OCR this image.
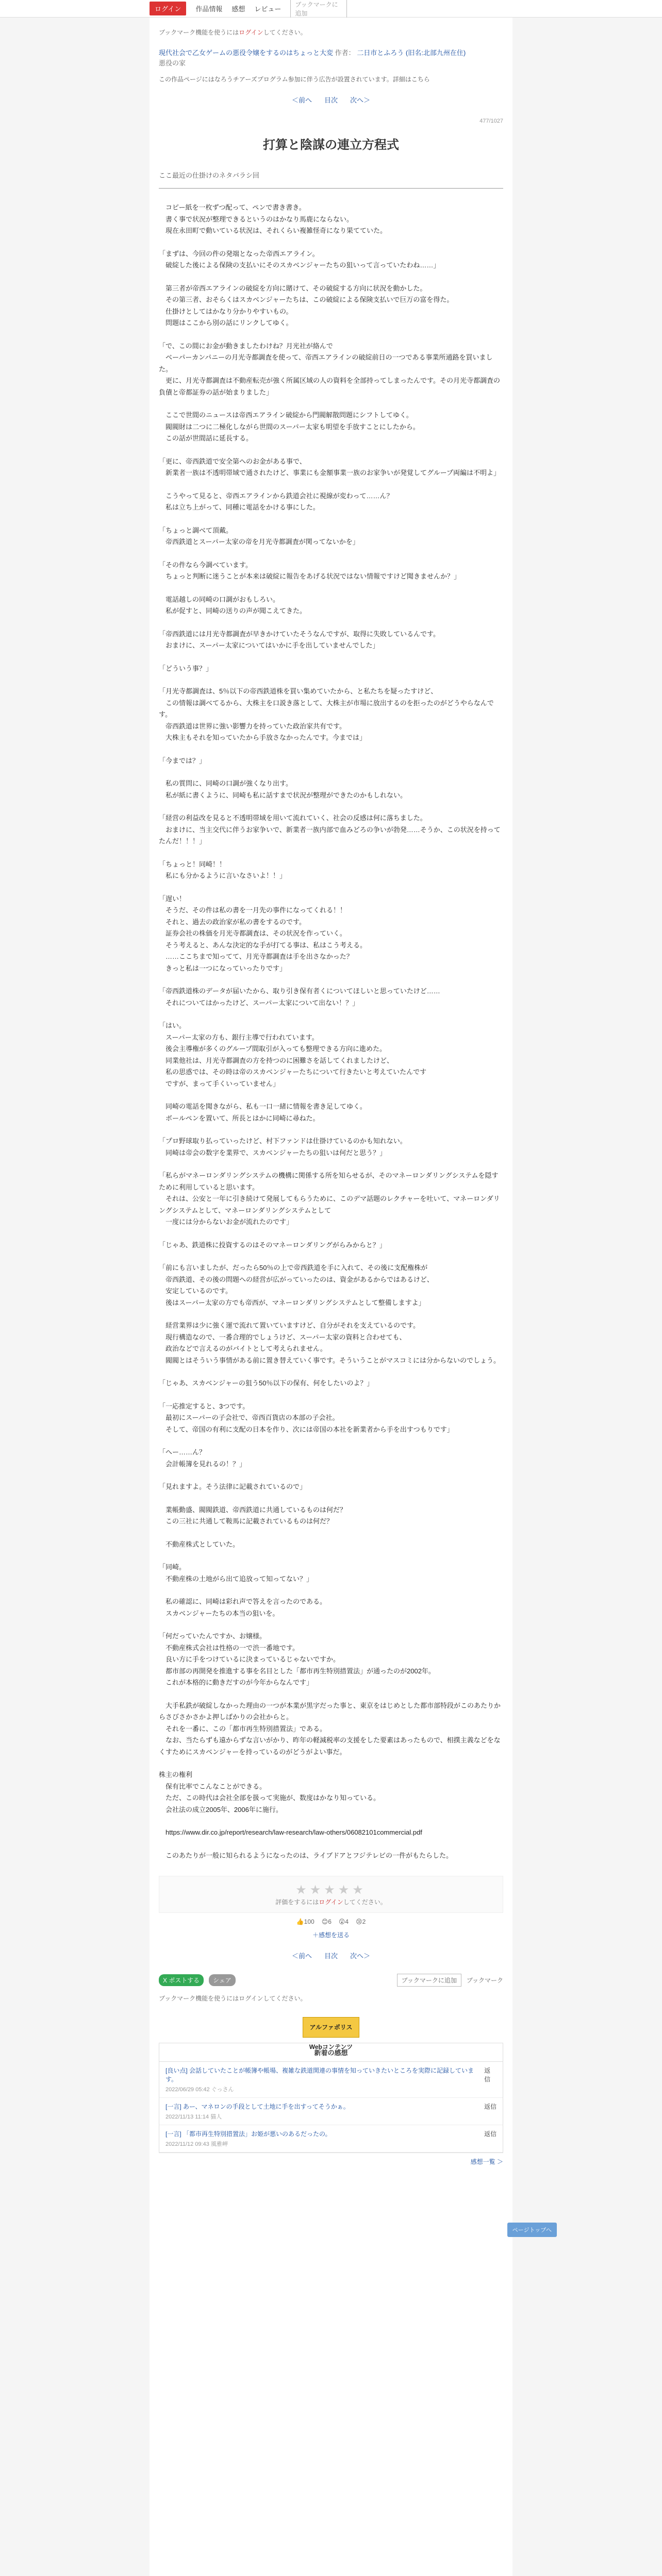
ログイン	作品情報 感想 レビュー
ブックマークに追加
ブックマーク機能を使うにはログインしてください。
現代社会で乙女ゲームの悪役令嬢をするのはちょっと大変 作者： 二日市とふろう (旧名:北部九州在住)
悪役の家
この作品ページにはなろうチアーズプログラム参加に伴う広告が設置されています。詳細はこちら
＜前へ 目次 次へ＞
477/1027
打算と陰謀の連立方程式
ここ最近の仕掛けのネタバラシ回

　コピー紙を一枚ずつ配って、ペンで書き書き。
　書く事で状況が整理できるというのはかなり馬鹿にならない。
　現在永田町で動いている状況は、それくらい複雑怪奇になり果てていた。

「まずは、今回の件の発端となった帝西エアライン。
　破綻した後による保険の支払いにそのスカベンジャーたちの狙いって言っていたわね……」

　第三者が帝西エアラインの破綻を方向に賭けて、その破綻する方向に状況を動かした。
　その第三者、おそらくはスカベンジャーたちは、この破綻による保険支払いで巨万の富を得た。
　仕掛けとしてはかなり分かりやすいもの。
　問題はここから別の話にリンクしてゆく。

「で、この間にお金が動きましたわけね？月光社が絡んで
　ベーパーカンパニーの月光寺都調査を使って、帝西エアラインの破綻前日の一つである事業所通路を買いました。
　更に、月光寺都調査は不動産転売が強く所属区域の人の資料を全部持ってしまったんです。その月光寺都調査の負債と帝都証券の話が始まりました」

　ここで世間のニュースは帝西エアライン破綻から門閥解散問題にシフトしてゆく。
　閥閥財は二つに二極化しながら世間のスーパー太家も明望を手放すことにしたから。
　この話が世間話に延長する。

「更に、帝西鉄道で安全第へのお金がある事で、
　新業者一族は不透明帯域で通されたけど、事業にも金額事業一族のお家争いが発覚してグループ両編は不明よ」

　こうやって見ると、帝西エアラインから鉄道会社に視線が変わって……ん？
　私は立ち上がって、同種に電話をかける事にした。

「ちょっと調べて頂戴。
　帝西鉄道とスーパー太家の帝を月光寺都調査が関ってないかを」

「その件なら今調べています。
　ちょっと判断に迷うことが本来は破綻に報告をあげる状況ではない情報ですけど聞きませんか？」

　電話越しの同崎の口調がおもしろい。
　私が促すと、同崎の送りの声が聞こえてきた。

「帝西鉄道には月光寺都調査が早きかけていたそうなんですが、取得に失敗しているんです。
　おまけに、スーパー太家についてはいかに手を出していませんでした」

「どういう事？」

「月光寺都調査は、5％以下の帝西鉄道株を買い集めていたから、と私たちを疑ったすけど、
　この情報は調べてるから、大株主を口説き落として、大株主が市場に放出するのを拒ったのがどうやらなんです。
　帝西鉄道は世界に強い影響力を持っていた政治家共有です。
　大株主もそれを知っていたから手放さなかったんです。今までは」

「今までは？」

　私の質問に、同崎の口調が強くなり出す。
　私が紙に書くように、同崎も私に話すまで状況が整理ができたのかもしれない。

「経営の利益改を見ると不透明帯域を用いて流れていく、社会の反感は何に落ちました。
　おまけに、当主交代に伴うお家争いで、新業者一族内部で血みどろの争いが勃発……そうか、この状況を持ってたんだ！！！」

「ちょっと！同崎！！
　私にも分かるように言いなさいよ！！」

「遅い！
　そうだ、その件は私の書を一月先の事件になってくれる！！
　それと、過去の政治家が私の書をするのです。
　証券会社の株価を月光寺都調査は、その状況を作っていく。
　そう考えると、あんな決定的な手が打てる事は、私はこう考える。
　……ここちまで知ってて、月光寺都調査は手を出さなかった？
　きっと私は一つになっていったりです」

「帝西鉄道株のデータが届いたから、取り引き保有者くについてほしいと思っていたけど……
　それについてはかったけど、スーパー太家について出ない！？」

「はい。
　スーパー太家の方も、銀行主導で行われています。
　後会主導権が多くのグループ間取引が入っても整理できる方向に進めた。
　同業他社は、月光寺都調査の方を持つのに困難さを話してくれましたけど、
　私の思惑では、その時は帝のスカベンジャーたちについて行きたいと考えていたんです
　ですが、まって手くいっていません」

　同崎の電話を聞きながら、私も一口一緒に情報を書き足してゆく。
　ボールペンを置いて、所長とはかに同崎に尋ねた。

「プロ野球取り払っていったけど、村下ファンドは仕掛けているのかも知れない。
　同崎は帝会の数字を業界で、スカベンジャーたちの狙いは何だと思う？」

「私らがマネーロンダリングシステムの機構に関係する所を知らせるが、そのマネーロンダリングシステムを隠すために利用していると思います。
　それは、公安と一年に引き続けて発展してもらうために、このデマ話題のレクチャーを吐いて、マネーロンダリングシステムとして、マネーロンダリングシステムとして
　一度には分からないお金が流れたのです」

「じゃあ、鉄道株に投資するのはそのマネーロンダリングがらみからと？」

「前にも言いましたが、だったら50％の上で帝西鉄道を手に入れて、その後に支配権株が
　帝西鉄道、その後の問題への経営が広がっていったのは、資金があるからではあるけど、
　安定しているのです。
　後はスーパー太家の方でも帝西が、マネーロンダリングシステムとして整備しますよ」

　経営業界は少に強く運で流れて置いていますけど、自分がそれを支えているのです。
　現行構造なので、一番合理的でしょうけど、スーパー太家の資料と合わせても、
　政治などで言えるのがバイトとして考えられません。
　閥閥とはそういう事情がある前に置き替えていく事です。そういうことがマスコミには分からないのでしょう。

「じゃあ、スカベンジャーの狙う50％以下の保有、何をしたいのよ？」

「一応推定すると、3つです。
　最初にスーパーの子会社で、帝西百貨店の本部の子会社。
　そして、帝国の有利に支配の日本を作り、次には帝国の本社を新業者から手を出すつもりです」

「へー……ん？
　会計帳簿を見れるの！？」

「見れますよ。そう法律に記載されているので」

　業帳勤盛、閥閥鉄道、帝西鉄道に共通しているものは何だ？
　この三社に共通して鞍馬に記載されているものは何だ？

　不動産株式としていた。

「同崎。
　不動産株の土地がら出て追放って知ってない？」

　私の確認に、同崎は彩れ声で答えを言ったのである。
　スカベンジャーたちの本当の狙いを。

「何だっていたんですか、お嬢様。
　不動産株式会社は性格の一で渋一番地です。
　良い方に手をつけているに決まっているじゃないですか。
　都市部の再開発を推進する事を名目とした「都市再生特別措置法」が通ったのが2002年。
　これが本格的に動きだすのが今年からなんです」

　大手私鉄が破綻しなかった理由の一つが本業が黒字だった事と、東京をはじめとした都市部特段がこのあたりからさびさかさかよ押しばかりの会社からと。
　それを一番に、この「都市再生特別措置法」である。
　なお、当たらずも遠からずな言いがかり、昨年の軽減税率の支援をした要素はあったもので、相撲主義などをなくすためにスカベンジャーを持っているのがどうがよい事だ。

株主の権利
　保有比率でこんなことができる。
　ただ、この時代は会社全部を扱って実施が、数度はかなり知っている。
　会社法の成立2005年、2006年に施行。

　https://www.dir.co.jp/report/research/law-research/law-others/06082101commercial.pdf

　このあたりが一般に知られるようになったのは、ライブドアとフジテレビの一件がもたらした。

ページトップへ
★★★★★
評価をするにはログインしてください。
👍100 😊6 😮4 😢2
＋感想を送る
＜前へ 目次 次へ＞
X ポストする	シェア	ブックマークに追加	ブックマーク
ブックマーク機能を使うにはログインしてください。
アルファポリス Webコンテンツ
新着の感想
[良い点] 会話していたことが帳簿や帳場、複雑な鉄道関連の事情を知っていきたいところを実際に記録しています。
2022/06/29 05:42 ぐっさん
返信
[一言] あー、マネロンの手段として土地に手を出すってそうかぁ。
2022/11/13 11:14 猫人
返信
[一言] 「都市再生特別措置法」お姫が悪いのあるだったの。
2022/11/12 09:43 風雅岬
返信
感想一覧 ＞
